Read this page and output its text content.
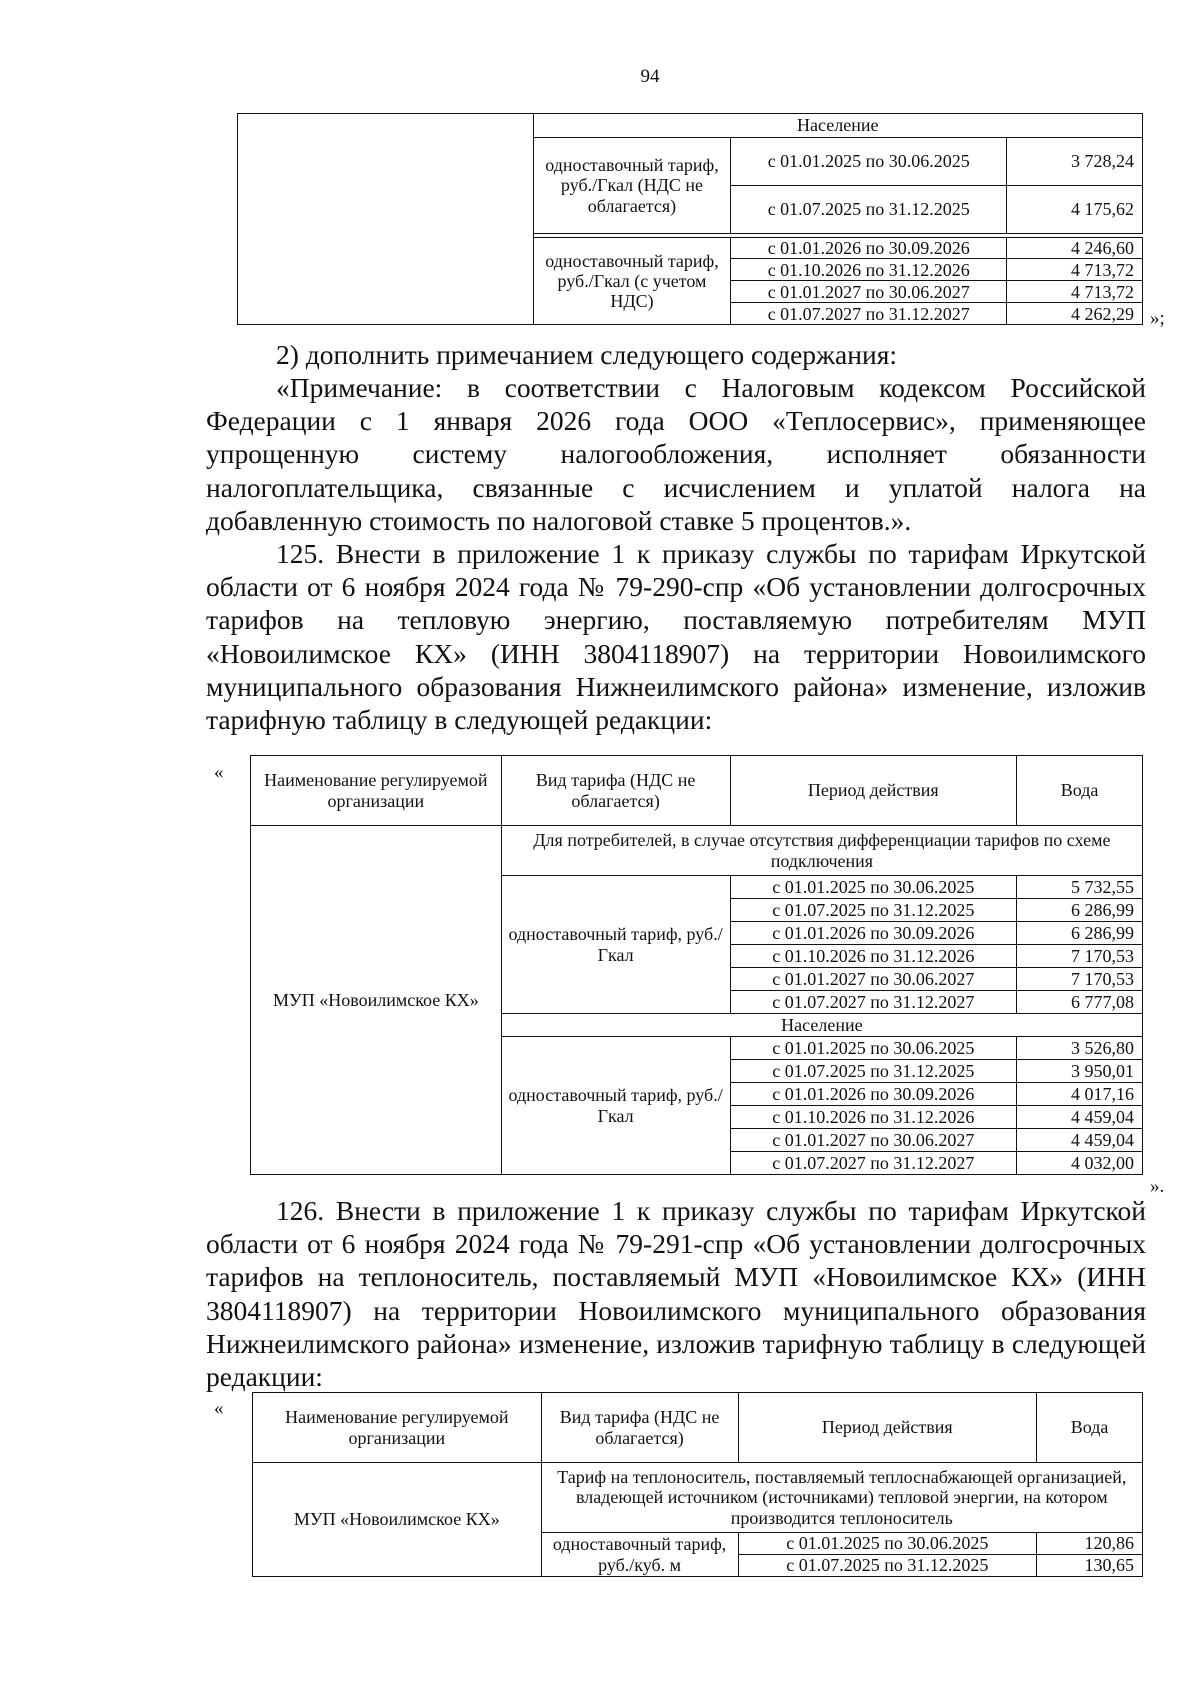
94
	Население		
	одноставочный тариф, руб./Гкал (НДС не облагается)	с 01.01.2025 по 30.06.2025	3 728,24
		с 01.07.2025 по 31.12.2025	4 175,62

	одноставочный тариф, руб./Гкал (с учетом НДС)	с 01.01.2026 по 30.09.2026	4 246,60
		с 01.10.2026 по 31.12.2026	4 713,72
		с 01.01.2027 по 30.06.2027	4 713,72
		с 01.07.2027 по 31.12.2027	4 262,29 »;

2) дополнить примечанием следующего содержания:

«Примечание: в соответствии с Налоговым кодексом Российской Федерации с 1 января 2026 года ООО «Теплосервис», применяющее упрощенную систему налогообложения, исполняет обязанности налогоплательщика, связанные с исчислением и уплатой налога на добавленную стоимость по налоговой ставке 5 процентов.».

125. Внести в приложение 1 к приказу службы по тарифам Иркутской области от 6 ноября 2024 года № 79-290-спр «Об установлении долгосрочных тарифов на тепловую энергию, поставляемую потребителям МУП «Новоилимское КХ» (ИНН 3804118907) на территории Новоилимского муниципального образования Нижнеилимского района» изменение, изложив тарифную таблицу в следующей редакции:

« Наименование регулируемой организации	Вид тарифа (НДС не облагается)	Период действия	Вода
МУП «Новоилимское КХ»	Для потребителей, в случае отсутствия дифференциации тарифов по схеме подключения		
	одноставочный тариф, руб./Гкал	с 01.01.2025 по 30.06.2025	5 732,55
		с 01.07.2025 по 31.12.2025	6 286,99
		с 01.01.2026 по 30.09.2026	6 286,99
		с 01.10.2026 по 31.12.2026	7 170,53
		с 01.01.2027 по 30.06.2027	7 170,53
		с 01.07.2027 по 31.12.2027	6 777,08
	Население		
	одноставочный тариф, руб./Гкал	с 01.01.2025 по 30.06.2025	3 526,80
		с 01.07.2025 по 31.12.2025	3 950,01
		с 01.01.2026 по 30.09.2026	4 017,16
		с 01.10.2026 по 31.12.2026	4 459,04
		с 01.01.2027 по 30.06.2027	4 459,04
		с 01.07.2027 по 31.12.2027	4 032,00
».

126. Внести в приложение 1 к приказу службы по тарифам Иркутской области от 6 ноября 2024 года № 79-291-спр «Об установлении долгосрочных тарифов на теплоноситель, поставляемый МУП «Новоилимское КХ» (ИНН 3804118907) на территории Новоилимского муниципального образования Нижнеилимского района» изменение, изложив тарифную таблицу в следующей редакции:

«	Наименование регулируемой организации	Вид тарифа (НДС не облагается)	Период действия	Вода
МУП «Новоилимское КХ»	Тариф на теплоноситель, поставляемый теплоснабжающей организацией, владеющей источником (источниками) тепловой энергии, на котором производится теплоноситель		
	одноставочный тариф, руб./куб. м	с 01.01.2025 по 30.06.2025	120,86
		с 01.07.2025 по 31.12.2025	130,65
